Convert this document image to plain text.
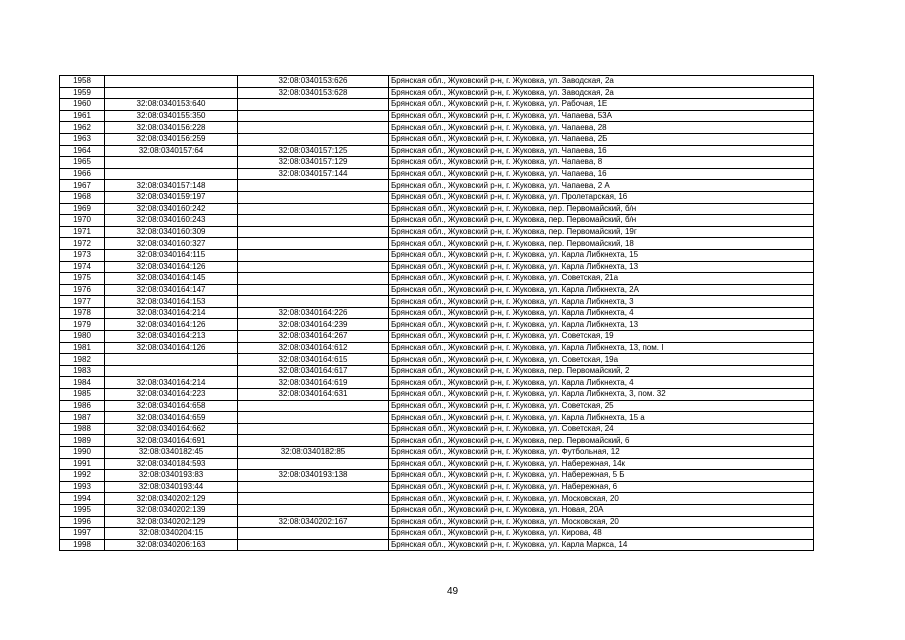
1958		32:08:0340153:626	Брянская обл., Жуковский р-н, г. Жуковка, ул. Заводская, 2а
1959		32:08:0340153:628	Брянская обл., Жуковский р-н, г. Жуковка, ул. Заводская, 2а
1960	32:08:0340153:640		Брянская обл., Жуковский р-н, г. Жуковка, ул. Рабочая, 1Е
1961	32:08:0340155:350		Брянская обл., Жуковский р-н, г. Жуковка, ул. Чапаева, 53А
1962	32:08:0340156:228		Брянская обл., Жуковский р-н, г. Жуковка, ул. Чапаева, 28
1963	32:08:0340156:259		Брянская обл., Жуковский р-н, г. Жуковка, ул. Чапаева, 2Б
1964	32:08:0340157:64	32:08:0340157:125	Брянская обл., Жуковский р-н, г. Жуковка, ул. Чапаева, 16
1965		32:08:0340157:129	Брянская обл., Жуковский р-н, г. Жуковка, ул. Чапаева, 8
1966		32:08:0340157:144	Брянская обл., Жуковский р-н, г. Жуковка, ул. Чапаева, 16
1967	32:08:0340157:148		Брянская обл., Жуковский р-н, г. Жуковка, ул. Чапаева, 2 А
1968	32:08:0340159:197		Брянская обл., Жуковский р-н, г. Жуковка, ул. Пролетарская, 16
1969	32:08:0340160:242		Брянская обл., Жуковский р-н, г. Жуковка, пер. Первомайский, б/н
1970	32:08:0340160:243		Брянская обл., Жуковский р-н, г. Жуковка, пер. Первомайский, б/н
1971	32:08:0340160:309		Брянская обл., Жуковский р-н, г. Жуковка, пер. Первомайский, 19г
1972	32:08:0340160:327		Брянская обл., Жуковский р-н, г. Жуковка, пер. Первомайский, 18
1973	32:08:0340164:115		Брянская обл., Жуковский р-н, г. Жуковка, ул. Карла Либкнехта, 15
1974	32:08:0340164:126		Брянская обл., Жуковский р-н, г. Жуковка, ул. Карла Либкнехта, 13
1975	32:08:0340164:145		Брянская обл., Жуковский р-н, г. Жуковка, ул. Советская, 21а
1976	32:08:0340164:147		Брянская обл., Жуковский р-н, г. Жуковка, ул. Карла Либкнехта, 2А
1977	32:08:0340164:153		Брянская обл., Жуковский р-н, г. Жуковка, ул. Карла Либкнехта, 3
1978	32:08:0340164:214	32:08:0340164:226	Брянская обл., Жуковский р-н, г. Жуковка, ул. Карла Либкнехта, 4
1979	32:08:0340164:126	32:08:0340164:239	Брянская обл., Жуковский р-н, г. Жуковка, ул. Карла Либкнехта, 13
1980	32:08:0340164:213	32:08:0340164:267	Брянская обл., Жуковский р-н, г. Жуковка, ул. Советская, 19
1981	32:08:0340164:126	32:08:0340164:612	Брянская обл., Жуковский р-н, г. Жуковка, ул. Карла Либкнехта, 13, пом. I
1982		32:08:0340164:615	Брянская обл., Жуковский р-н, г. Жуковка, ул. Советская, 19а
1983		32:08:0340164:617	Брянская обл., Жуковский р-н, г. Жуковка, пер. Первомайский, 2
1984	32:08:0340164:214	32:08:0340164:619	Брянская обл., Жуковский р-н, г. Жуковка, ул. Карла Либкнехта, 4
1985	32:08:0340164:223	32:08:0340164:631	Брянская обл., Жуковский р-н, г. Жуковка, ул. Карла Либкнехта, 3, пом. 32
1986	32:08:0340164:658		Брянская обл., Жуковский р-н, г. Жуковка, ул. Советская, 25
1987	32:08:0340164:659		Брянская обл., Жуковский р-н, г. Жуковка, ул. Карла Либкнехта, 15 а
1988	32:08:0340164:662		Брянская обл., Жуковский р-н, г. Жуковка, ул. Советская, 24
1989	32:08:0340164:691		Брянская обл., Жуковский р-н, г. Жуковка, пер. Первомайский, 6
1990	32:08:0340182:45	32:08:0340182:85	Брянская обл., Жуковский р-н, г. Жуковка, ул. Футбольная, 12
1991	32:08:0340184:593		Брянская обл., Жуковский р-н, г. Жуковка, ул. Набережная, 14к
1992	32:08:0340193:83	32:08:0340193:138	Брянская обл., Жуковский р-н, г. Жуковка, ул. Набережная, 5 Б
1993	32:08:0340193:44		Брянская обл., Жуковский р-н, г. Жуковка, ул. Набережная, 6
1994	32:08:0340202:129		Брянская обл., Жуковский р-н, г. Жуковка, ул. Московская, 20
1995	32:08:0340202:139		Брянская обл., Жуковский р-н, г. Жуковка, ул. Новая, 20А
1996	32:08:0340202:129	32:08:0340202:167	Брянская обл., Жуковский р-н, г. Жуковка, ул. Московская, 20
1997	32:08:0340204:15		Брянская обл., Жуковский р-н, г. Жуковка, ул. Кирова, 48
1998	32:08:0340206:163		Брянская обл., Жуковский р-н, г. Жуковка, ул. Карла Маркса, 14
49
